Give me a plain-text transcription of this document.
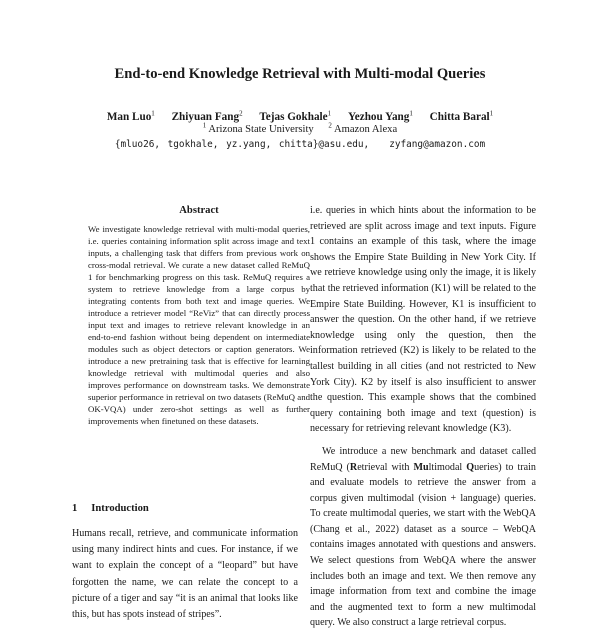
End-to-end Knowledge Retrieval with Multi-modal Queries
Man Luo$^1$ Zhiyuan Fang$^2$ Tejas Gokhale$^1$ Yezhou Yang$^1$ Chitta Baral$^1$
$^1$ Arizona State University $^2$ Amazon Alexa
{mluo26, tgokhale, yz.yang, chitta}@asu.edu, zyfang@amazon.com
Abstract
We investigate knowledge retrieval with multi-modal queries, i.e. queries containing information split across image and text inputs, a challenging task that differs from previous work on cross-modal retrieval. We curate a new dataset called ReMuQ 1 for benchmarking progress on this task. ReMuQ requires a system to retrieve knowledge from a large corpus by integrating contents from both text and image queries. We introduce a retriever model “ReViz” that can directly process input text and images to retrieve relevant knowledge in an end-to-end fashion without being dependent on intermediate modules such as object detectors or caption generators. We introduce a new pretraining task that is effective for learning knowledge retrieval with multimodal queries and also improves performance on downstream tasks. We demonstrate superior performance in retrieval on two datasets (ReMuQ and OK-VQA) under zero-shot settings as well as further improvements when finetuned on these datasets.
1 Introduction
Humans recall, retrieve, and communicate information using many indirect hints and cues. For instance, if we want to explain the concept of a “leopard” but have forgotten the name, we can relate the concept to a picture of a tiger and say “it is an animal that looks like this, but has spots instead of stripes”.

i.e. queries in which hints about the information to be retrieved are split across image and text inputs. Figure 1 contains an example of this task, where the image shows the Empire State Building in New York City. If we retrieve knowledge using only the image, it is likely that the retrieved information (K1) will be related to the Empire State Building. However, K1 is insufficient to answer the question. On the other hand, if we retrieve knowledge using only the question, then the information retrieved (K2) is likely to be related to the tallest building in all cities (and not restricted to New York City). K2 by itself is also insufficient to answer the question. This example shows that the combined query containing both image and text (question) is necessary for retrieving relevant knowledge (K3).

We introduce a new benchmark and dataset called ReMuQ (Retrieval with Multimodal Queries) to train and evaluate models to retrieve the answer from a corpus given multimodal (vision + language) queries. To create multimodal queries, we start with the WebQA (Chang et al., 2022) dataset as a source – WebQA contains images annotated with questions and answers. We select questions from WebQA where the answer includes both an image and text. We then remove any image information from text and combine the image and the augmented text to form a new multimodal query. We also construct a large retrieval corpus.
